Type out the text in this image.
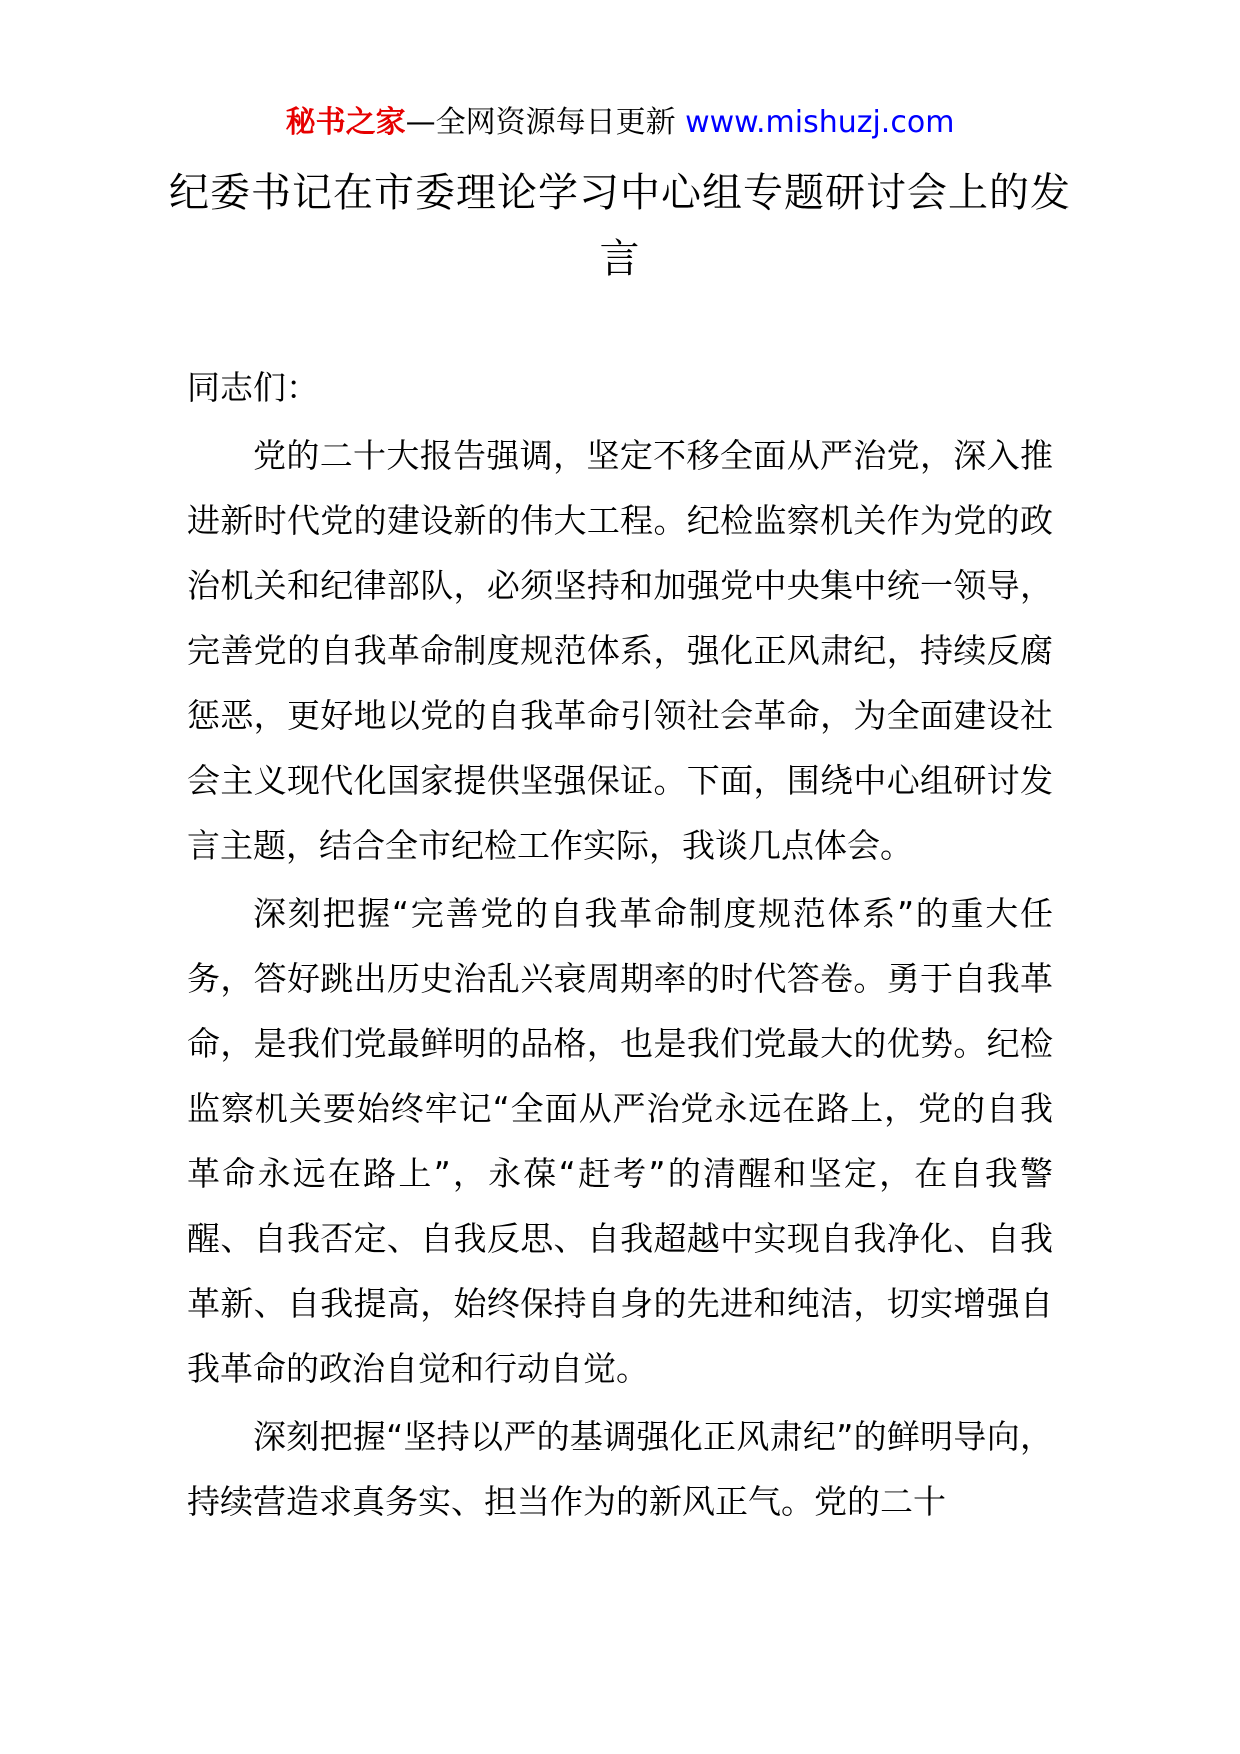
秘书之家—全网资源每日更新 www.mishuzj.com
纪委书记在市委理论学习中心组专题研讨会上的发言

同志们：

党的二十大报告强调，坚定不移全面从严治党，深入推进新时代党的建设新的伟大工程。纪检监察机关作为党的政治机关和纪律部队，必须坚持和加强党中央集中统一领导，完善党的自我革命制度规范体系，强化正风肃纪，持续反腐惩恶，更好地以党的自我革命引领社会革命，为全面建设社会主义现代化国家提供坚强保证。下面，围绕中心组研讨发言主题，结合全市纪检工作实际，我谈几点体会。

深刻把握“完善党的自我革命制度规范体系”的重大任务，答好跳出历史治乱兴衰周期率的时代答卷。勇于自我革命，是我们党最鲜明的品格，也是我们党最大的优势。纪检监察机关要始终牢记“全面从严治党永远在路上，党的自我革命永远在路上”，永葆“赶考”的清醒和坚定，在自我警醒、自我否定、自我反思、自我超越中实现自我净化、自我革新、自我提高，始终保持自身的先进和纯洁，切实增强自我革命的政治自觉和行动自觉。

深刻把握“坚持以严的基调强化正风肃纪”的鲜明导向，持续营造求真务实、担当作为的新风正气。党的二十
